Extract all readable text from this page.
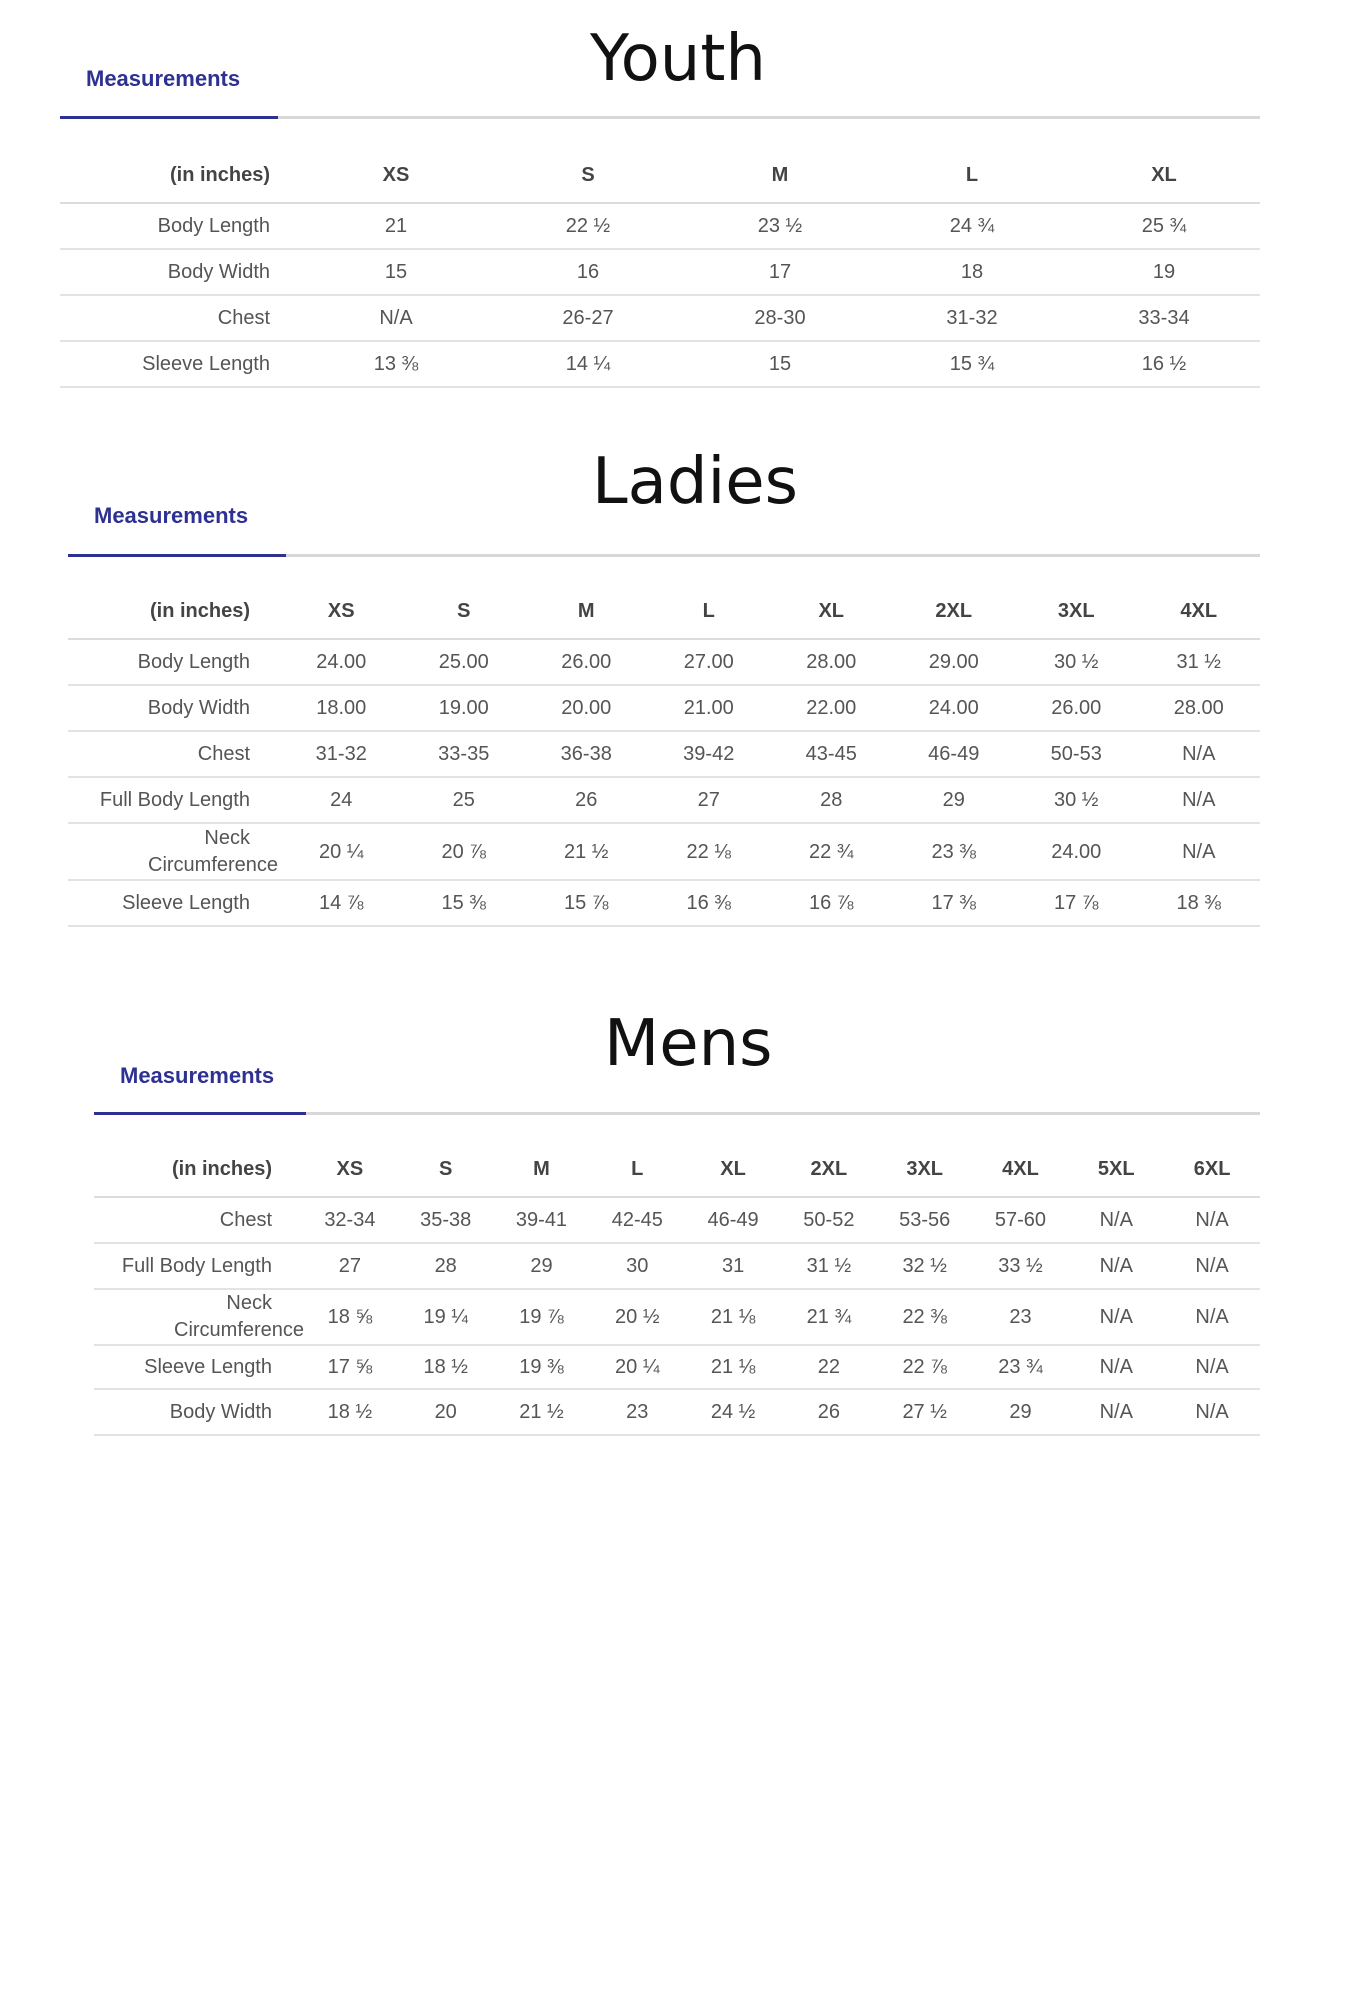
Youth
Measurements
(in inches)	XS	S	M	L	XL
Body Length	21	22 ½	23 ½	24 ¾	25 ¾
Body Width	15	16	17	18	19
Chest	N/A	26-27	28-30	31-32	33-34
Sleeve Length	13 ⅜	14 ¼	15	15 ¾	16 ½
Ladies
Measurements
(in inches)	XS	S	M	L	XL	2XL	3XL	4XL
Body Length	24.00	25.00	26.00	27.00	28.00	29.00	30 ½	31 ½
Body Width	18.00	19.00	20.00	21.00	22.00	24.00	26.00	28.00
Chest	31-32	33-35	36-38	39-42	43-45	46-49	50-53	N/A
Full Body Length	24	25	26	27	28	29	30 ½	N/A
Neck Circumference	20 ¼	20 ⅞	21 ½	22 ⅛	22 ¾	23 ⅜	24.00	N/A
Sleeve Length	14 ⅞	15 ⅜	15 ⅞	16 ⅜	16 ⅞	17 ⅜	17 ⅞	18 ⅜
Mens
Measurements
(in inches)	XS	S	M	L	XL	2XL	3XL	4XL	5XL	6XL
Chest	32-34	35-38	39-41	42-45	46-49	50-52	53-56	57-60	N/A	N/A
Full Body Length	27	28	29	30	31	31 ½	32 ½	33 ½	N/A	N/A
Neck Circumference	18 ⅝	19 ¼	19 ⅞	20 ½	21 ⅛	21 ¾	22 ⅜	23	N/A	N/A
Sleeve Length	17 ⅝	18 ½	19 ⅜	20 ¼	21 ⅛	22	22 ⅞	23 ¾	N/A	N/A
Body Width	18 ½	20	21 ½	23	24 ½	26	27 ½	29	N/A	N/A
